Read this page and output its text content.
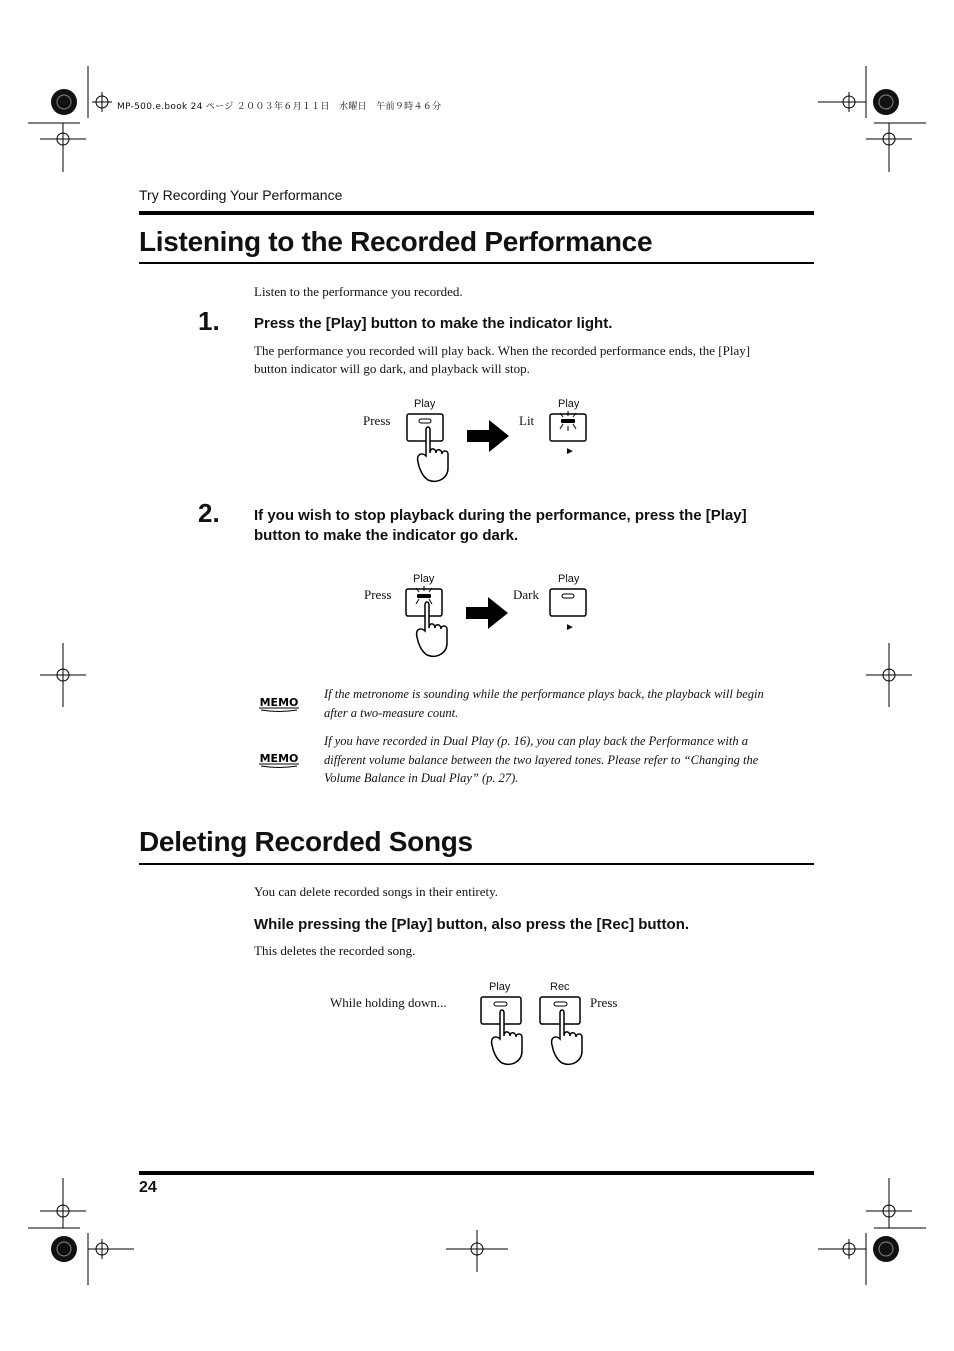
MP-500.e.book 24 ページ ２００３年６月１１日　水曜日　午前９時４６分
Try Recording Your Performance
Listening to the Recorded Performance
Listen to the performance you recorded.
1. Press the [Play] button to make the indicator light.
The performance you recorded will play back. When the recorded performance ends, the [Play] button indicator will go dark, and playback will stop.
Press
Play
Lit
Play
►
2. If you wish to stop playback during the performance, press the [Play] button to make the indicator go dark.
Press
Play
Dark
Play
►
MEMO
If the metronome is sounding while the performance plays back, the playback will begin after a two-measure count.
MEMO
If you have recorded in Dual Play (p. 16), you can play back the Performance with a different volume balance between the two layered tones. Please refer to “Changing the Volume Balance in Dual Play” (p. 27).
Deleting Recorded Songs
You can delete recorded songs in their entirety.
While pressing the [Play] button, also press the [Rec] button.
This deletes the recorded song.
While holding down...
Play	Rec
Press
24
